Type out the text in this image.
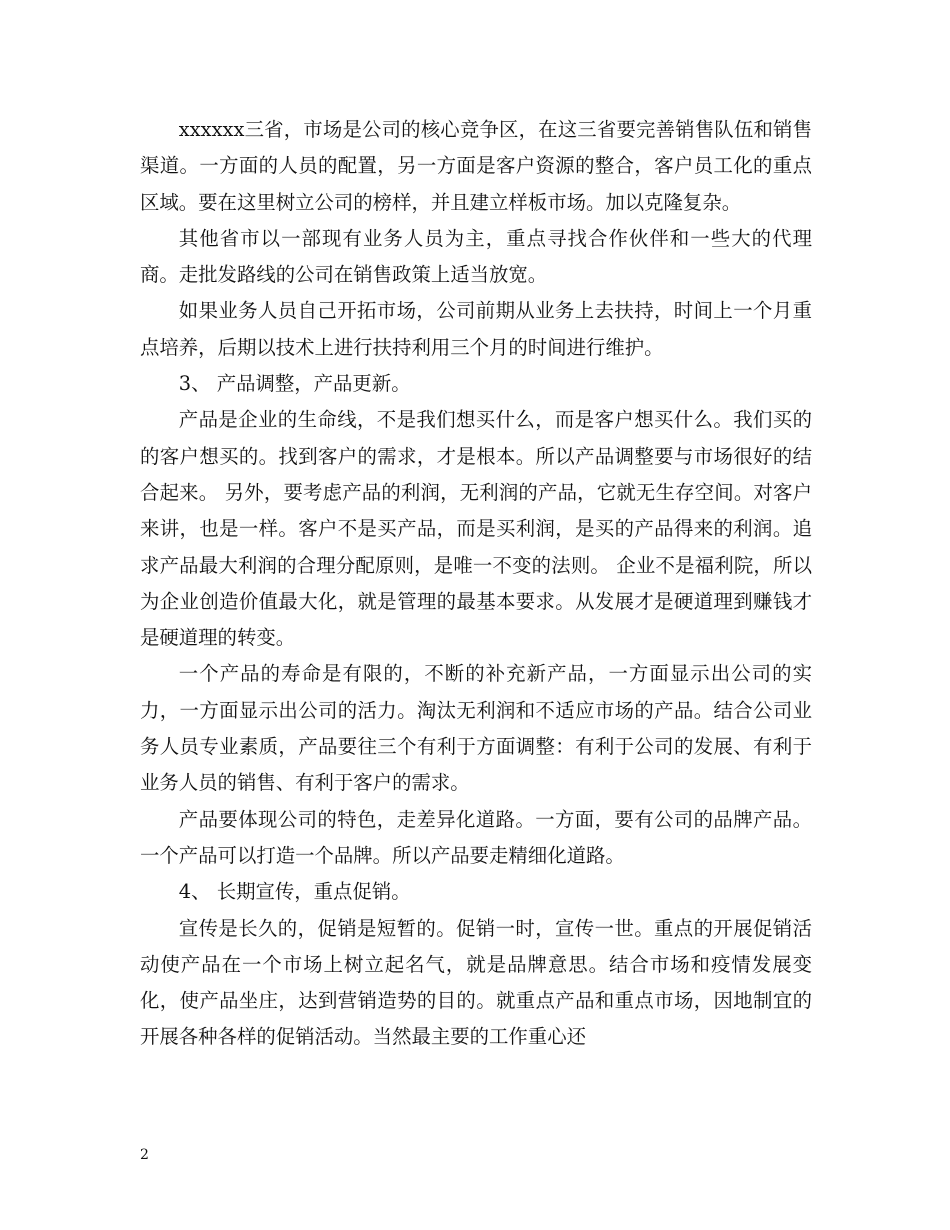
xxxxxx三省，市场是公司的核心竞争区，在这三省要完善销售队伍和销售渠道。一方面的人员的配置，另一方面是客户资源的整合，客户员工化的重点区域。要在这里树立公司的榜样，并且建立样板市场。加以克隆复杂。

其他省市以一部现有业务人员为主，重点寻找合作伙伴和一些大的代理商。走批发路线的公司在销售政策上适当放宽。

如果业务人员自己开拓市场，公司前期从业务上去扶持，时间上一个月重点培养，后期以技术上进行扶持利用三个月的时间进行维护。

3、 产品调整，产品更新。

产品是企业的生命线，不是我们想买什么，而是客户想买什么。我们买的的客户想买的。找到客户的需求，才是根本。所以产品调整要与市场很好的结合起来。 另外，要考虑产品的利润，无利润的产品，它就无生存空间。对客户来讲，也是一样。客户不是买产品，而是买利润，是买的产品得来的利润。追求产品最大利润的合理分配原则，是唯一不变的法则。 企业不是福利院，所以为企业创造价值最大化，就是管理的最基本要求。从发展才是硬道理到赚钱才是硬道理的转变。

一个产品的寿命是有限的，不断的补充新产品，一方面显示出公司的实力，一方面显示出公司的活力。淘汰无利润和不适应市场的产品。结合公司业务人员专业素质，产品要往三个有利于方面调整：有利于公司的发展、有利于业务人员的销售、有利于客户的需求。

产品要体现公司的特色，走差异化道路。一方面，要有公司的品牌产品。一个产品可以打造一个品牌。所以产品要走精细化道路。

4、 长期宣传，重点促销。

宣传是长久的，促销是短暂的。促销一时，宣传一世。重点的开展促销活动使产品在一个市场上树立起名气，就是品牌意思。结合市场和疫情发展变化，使产品坐庄，达到营销造势的目的。就重点产品和重点市场，因地制宜的开展各种各样的促销活动。当然最主要的工作重心还

2
